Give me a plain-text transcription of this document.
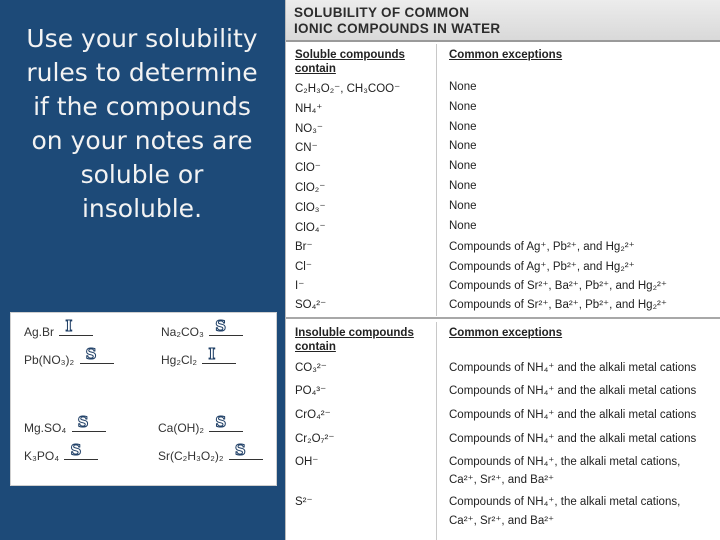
Use your solubility rules to determine if the compounds on your notes are soluble or insoluble.
Ag.Br I	Na₂CO₃ S
Pb(NO₃)₂ S	Hg₂Cl₂ I
Mg.SO₄ S	Ca(OH)₂ S
K₃PO₄ S	Sr(C₂H₃O₂)₂ S
SOLUBILITY OF COMMON
IONIC COMPOUNDS IN WATER
Soluble compounds contain
Common exceptions
C₂H₃O₂⁻, CH₃COO⁻	None
NH₄⁺	None
NO₃⁻	None
CN⁻	None
ClO⁻	None
ClO₂⁻	None
ClO₃⁻	None
ClO₄⁻	None
Br⁻	Compounds of Ag⁺, Pb²⁺, and Hg₂²⁺
Cl⁻	Compounds of Ag⁺, Pb²⁺, and Hg₂²⁺
I⁻	Compounds of Sr²⁺, Ba²⁺, Pb²⁺, and Hg₂²⁺
SO₄²⁻	Compounds of Sr²⁺, Ba²⁺, Pb²⁺, and Hg₂²⁺
Insoluble compounds contain
Common exceptions
CO₃²⁻	Compounds of NH₄⁺ and the alkali metal cations
PO₄³⁻	Compounds of NH₄⁺ and the alkali metal cations
CrO₄²⁻	Compounds of NH₄⁺ and the alkali metal cations
Cr₂O₇²⁻	Compounds of NH₄⁺ and the alkali metal cations
OH⁻	Compounds of NH₄⁺, the alkali metal cations,
Ca²⁺, Sr²⁺, and Ba²⁺
S²⁻	Compounds of NH₄⁺, the alkali metal cations,
Ca²⁺, Sr²⁺, and Ba²⁺
